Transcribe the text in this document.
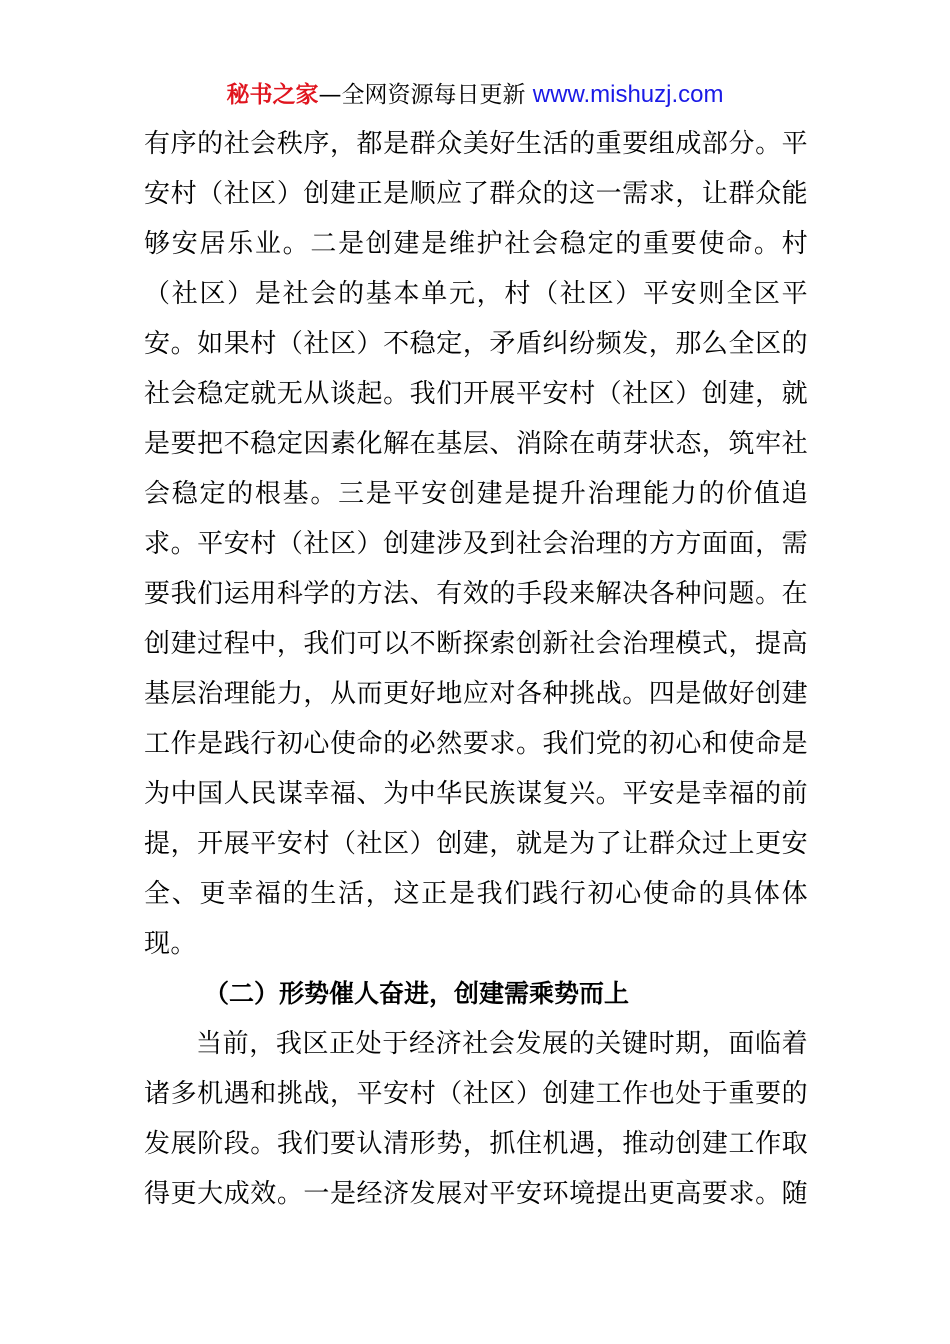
秘书之家—全网资源每日更新 www.mishuzj.com
有序的社会秩序，都是群众美好生活的重要组成部分。平
安村（社区）创建正是顺应了群众的这一需求，让群众能
够安居乐业。二是创建是维护社会稳定的重要使命。村
（社区）是社会的基本单元，村（社区）平安则全区平
安。如果村（社区）不稳定，矛盾纠纷频发，那么全区的
社会稳定就无从谈起。我们开展平安村（社区）创建，就
是要把不稳定因素化解在基层、消除在萌芽状态，筑牢社
会稳定的根基。三是平安创建是提升治理能力的价值追
求。平安村（社区）创建涉及到社会治理的方方面面，需
要我们运用科学的方法、有效的手段来解决各种问题。在
创建过程中，我们可以不断探索创新社会治理模式，提高
基层治理能力，从而更好地应对各种挑战。四是做好创建
工作是践行初心使命的必然要求。我们党的初心和使命是
为中国人民谋幸福、为中华民族谋复兴。平安是幸福的前
提，开展平安村（社区）创建，就是为了让群众过上更安
全、更幸福的生活，这正是我们践行初心使命的具体体
现。
（二）形势催人奋进，创建需乘势而上
当前，我区正处于经济社会发展的关键时期，面临着
诸多机遇和挑战，平安村（社区）创建工作也处于重要的
发展阶段。我们要认清形势，抓住机遇，推动创建工作取
得更大成效。一是经济发展对平安环境提出更高要求。随
